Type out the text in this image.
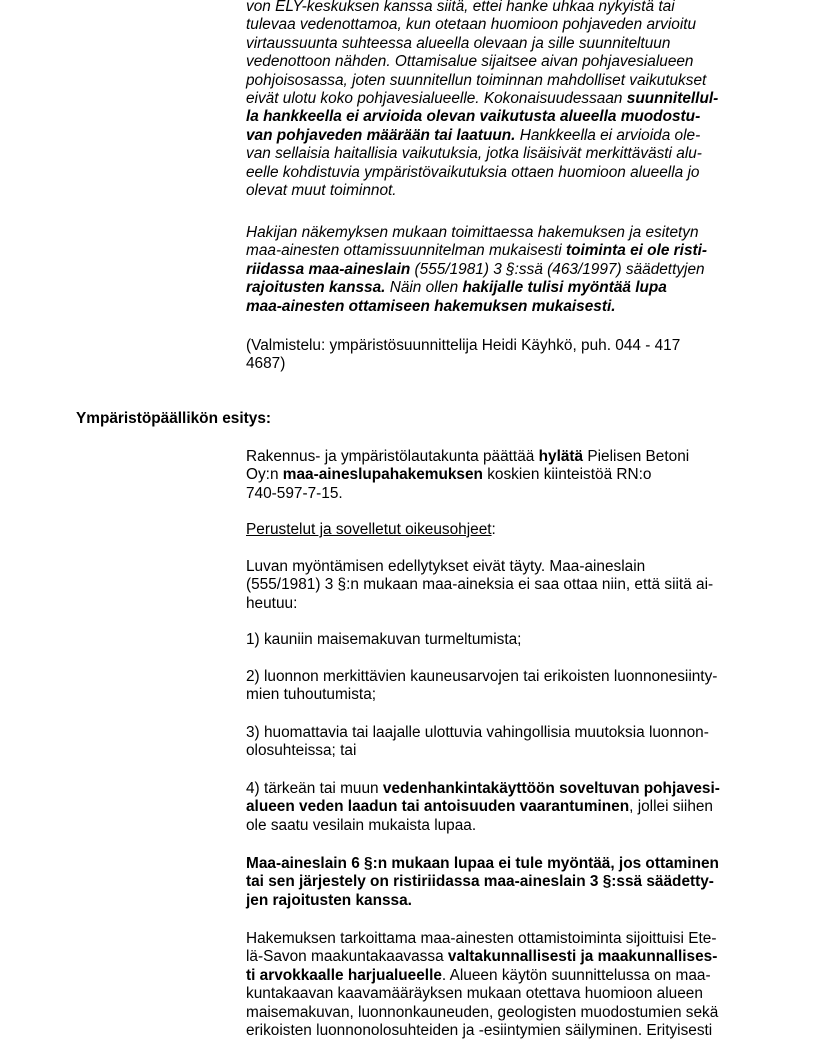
von ELY-keskuksen kanssa siitä, ettei hanke uhkaa nykyistä tai
tulevaa vedenottamoa, kun otetaan huomioon pohjaveden arvioitu
virtaussuunta suhteessa alueella olevaan ja sille suunniteltuun
vedenottoon nähden. Ottamisalue sijaitsee aivan pohjavesialueen
pohjoisosassa, joten suunnitellun toiminnan mahdolliset vaikutukset
eivät ulotu koko pohjavesialueelle. Kokonaisuudessaan suunnitellul-
la hankkeella ei arvioida olevan vaikutusta alueella muodostu-
van pohjaveden määrään tai laatuun. Hankkeella ei arvioida ole-
van sellaisia haitallisia vaikutuksia, jotka lisäisivät merkittävästi alu-
eelle kohdistuvia ympäristövaikutuksia ottaen huomioon alueella jo
olevat muut toiminnot.
Hakijan näkemyksen mukaan toimittaessa hakemuksen ja esitetyn
maa-ainesten ottamissuunnitelman mukaisesti toiminta ei ole risti-
riidassa maa-aineslain (555/1981) 3 §:ssä (463/1997) säädettyjen
rajoitusten kanssa. Näin ollen hakijalle tulisi myöntää lupa
maa-ainesten ottamiseen hakemuksen mukaisesti.
(Valmistelu: ympäristösuunnittelija Heidi Käyhkö, puh. 044 - 417
4687)
Ympäristöpäällikön esitys:
Rakennus- ja ympäristölautakunta päättää hylätä Pielisen Betoni
Oy:n maa-aineslupahakemuksen koskien kiinteistöä RN:o
740-597-7-15.
Perustelut ja sovelletut oikeusohjeet:
Luvan myöntämisen edellytykset eivät täyty. Maa-aineslain
(555/1981) 3 §:n mukaan maa-aineksia ei saa ottaa niin, että siitä ai-
heutuu:
1) kauniin maisemakuvan turmeltumista;
2) luonnon merkittävien kauneusarvojen tai erikoisten luonnonesiinty-
mien tuhoutumista;
3) huomattavia tai laajalle ulottuvia vahingollisia muutoksia luonnon-
olosuhteissa; tai
4) tärkeän tai muun vedenhankintakäyttöön soveltuvan pohjavesi-
alueen veden laadun tai antoisuuden vaarantuminen, jollei siihen
ole saatu vesilain mukaista lupaa.
Maa-aineslain 6 §:n mukaan lupaa ei tule myöntää, jos ottaminen
tai sen järjestely on ristiriidassa maa-aineslain 3 §:ssä säädetty-
jen rajoitusten kanssa.
Hakemuksen tarkoittama maa-ainesten ottamistoiminta sijoittuisi Ete-
lä-Savon maakuntakaavassa valtakunnallisesti ja maakunnallises-
ti arvokkaalle harjualueelle. Alueen käytön suunnittelussa on maa-
kuntakaavan kaavamääräyksen mukaan otettava huomioon alueen
maisemakuvan, luonnonkauneuden, geologisten muodostumien sekä
erikoisten luonnonolosuhteiden ja -esiintymien säilyminen. Erityisesti
